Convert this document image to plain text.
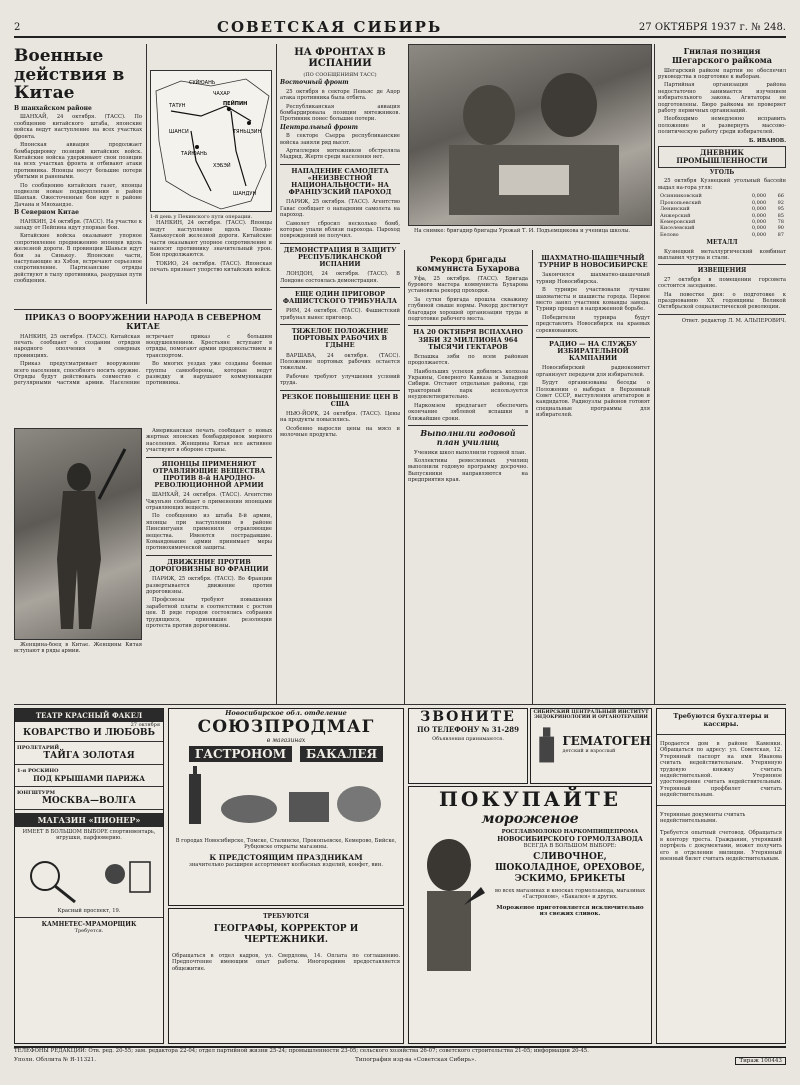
2	СОВЕТСКАЯ СИБИРЬ	27 ОКТЯБРЯ 1937 г. № 248.
Военные действия в Китае
В шанхайском районе

ШАНХАЙ, 24 октября. (ТАСС). По сообщению китайского штаба, японские войска ведут наступление на всех участках фронта.

Японская авиация продолжает бомбардировку позиций китайских войск. Китайские войска удерживают свои позиции на всех участках фронта и отбивают атаки противника. Японцы несут большие потери убитыми и ранеными.

По сообщению китайских газет, японцы подвезли новые подкрепления в район Шанхая. Ожесточенные бои идут в районе Дачана и Мяохандзе.

В Северном Китае

НАНКИН, 24 октября. (ТАСС). На участке к западу от Пейпина идут упорные бои.

Китайские войска оказывают упорное сопротивление продвижению японцев вдоль железной дороги. В провинции Шаньси идут бои за Синькоу. Японские части, наступающие из Хэбэя, встречают серьезное сопротивление. Партизанские отряды действуют в тылу противника, разрушая пути сообщения.

СУЙЮАНЬ
ЧАХАР
ПЕЙПИН
ТАТУН
ТЯНЬЦЗИН
ШАНСИ
ТАЙЮАНЬ
ХЭБЭЙ
ШАНДУН
1-й день у Пекинского пути операции.

НАНКИН, 24 октября. (ТАСС). Японцы ведут наступление вдоль Пекин-Ханькоуской железной дороги. Китайские части оказывают упорное сопротивление и наносят противнику значительный урон. Бои продолжаются.

ТОКИО, 24 октября. (ТАСС). Японская печать признает упорство китайских войск.

ПРИКАЗ О ВООРУЖЕНИИ НАРОДА В СЕВЕРНОМ КИТАЕ

НАНКИН, 25 октября. (ТАСС). Китайская печать сообщает о создании отрядов народного ополчения в северных провинциях.

Приказ предусматривает вооружение всего населения, способного носить оружие. Отряды будут действовать совместно с регулярными частями армии. Население встречает приказ с большим воодушевлением. Крестьяне вступают в отряды, помогают армии продовольствием и транспортом.

Во многих уездах уже созданы боевые группы самообороны, которые ведут разведку и нарушают коммуникации противника.

Женщина-боец в Китае. Женщины Китая вступают в ряды армии.

Американская печать сообщает о новых жертвах японских бомбардировок мирного населения. Женщины Китая все активнее участвуют в обороне страны.

ЯПОНЦЫ ПРИМЕНЯЮТ ОТРАВЛЯЮЩИЕ ВЕЩЕСТВА ПРОТИВ 8-й НАРОДНО-РЕВОЛЮЦИОННОЙ АРМИИ

ШАНХАЙ, 24 октября. (ТАСС). Агентство Чжунъян сообщает о применении японцами отравляющих веществ.

По сообщению из штаба 8-й армии, японцы при наступлении в районе Пинсингуаня применили отравляющие вещества. Имеются пострадавшие. Командование армии принимает меры противохимической защиты.

ДВИЖЕНИЕ ПРОТИВ ДОРОГОВИЗНЫ ВО ФРАНЦИИ

ПАРИЖ, 25 октября. (ТАСС). Во Франции развертывается движение против дороговизны.

Профсоюзы требуют повышения заработной платы в соответствии с ростом цен. В ряде городов состоялись собрания трудящихся, принявшие резолюции протеста против дороговизны.

НА ФРОНТАХ В ИСПАНИИ
(ПО СООБЩЕНИЯМ ТАСС)
Восточный фронт

25 октября в секторе Пеньяс де Ацор атака противника была отбита.

Республиканская авиация бомбардировала позиции мятежников. Противник понес большие потери.

Центральный фронт

В секторе Сьерра республиканские войска заняли ряд высот.

Артиллерия мятежников обстреляла Мадрид. Жертв среди населения нет.

НАПАДЕНИЕ САМОЛЕТА «НЕИЗВЕСТНОЙ НАЦИОНАЛЬНОСТИ» НА ФРАНЦУЗСКИЙ ПАРОХОД

ПАРИЖ, 25 октября. (ТАСС). Агентство Гавас сообщает о нападении самолета на пароход.

Самолет сбросил несколько бомб, которые упали вблизи парохода. Пароход повреждений не получил.

ДЕМОНСТРАЦИЯ В ЗАЩИТУ РЕСПУБЛИКАНСКОЙ ИСПАНИИ

ЛОНДОН, 24 октября. (ТАСС). В Лондоне состоялась демонстрация.

ЕЩЕ ОДИН ПРИГОВОР ФАШИСТСКОГО ТРИБУНАЛА

РИМ, 24 октября. (ТАСС). Фашистский трибунал вынес приговор.

ТЯЖЕЛОЕ ПОЛОЖЕНИЕ ПОРТОВЫХ РАБОЧИХ В ГДЫНЕ

ВАРШАВА, 24 октября. (ТАСС). Положение портовых рабочих остается тяжелым.

Рабочие требуют улучшения условий труда.

РЕЗКОЕ ПОВЫШЕНИЕ ЦЕН В США

НЬЮ-ЙОРК, 24 октября. (ТАСС). Цены на продукты повысились.

Особенно выросли цены на мясо и молочные продукты.

На снимке: бригадир бригады Урожай Т. И. Подъемщикова и ученица школы.

Рекорд бригады коммуниста Бухарова

Уфа, 25 октября. (ТАСС). Бригада бурового мастера коммуниста Бухарова установила рекорд проходки.

За сутки бригада прошла скважину глубиной свыше нормы. Рекорд достигнут благодаря хорошей организации труда и подготовке рабочего места.

НА 20 ОКТЯБРЯ ВСПАХАНО ЗЯБИ 32 МИЛЛИОНА 964 ТЫСЯЧИ ГЕКТАРОВ

Вспашка зяби по всем районам продолжается.

Наибольших успехов добились колхозы Украины, Северного Кавказа и Западной Сибири. Отстают отдельные районы, где тракторный парк используется неудовлетворительно.

Наркомзем предлагает обеспечить окончание зяблевой вспашки в ближайшие сроки.

Выполнили годовой план училищ

Ученики школ выполнили годовой план.

Коллективы ремесленных училищ выполнили годовую программу досрочно. Выпускники направляются на предприятия края.

ШАХМАТНО-ШАШЕЧНЫЙ ТУРНИР В НОВОСИБИРСКЕ

Закончился шахматно-шашечный турнир Новосибирска.

В турнире участвовали лучшие шахматисты и шашисты города. Первое место занял участник команды завода. Турнир прошел в напряженной борьбе.

Победители турнира будут представлять Новосибирск на краевых соревнованиях.

РАДИО — НА СЛУЖБУ ИЗБИРАТЕЛЬНОЙ КАМПАНИИ

Новосибирский радиокомитет организует передачи для избирателей.

Будут организованы беседы о Положении о выборах в Верховный Совет СССР, выступления агитаторов и кандидатов. Радиоузлы районов готовят специальные программы для избирателей.

Гнилая позиция Шегарского райкома

Шегарский райком партии не обеспечил руководства в подготовке к выборам.

Партийная организация района недостаточно занимается изучением избирательного закона. Агитаторы не подготовлены. Бюро райкома не проверяет работу первичных организаций.

Необходимо немедленно исправить положение и развернуть массово-политическую работу среди избирателей.

Б. ИВАНОВ.
ДНЕВНИК ПРОМЫШЛЕННОСТИ
УГОЛЬ

25 октября Кузнецкий угольный бассейн выдал на-гора угля:

Осинниковский	0,000	66
Прокопьевский	0,000	92
Ленинский	0,000	95
Анжерский	0,000	85
Кемеровский	0,000	78
Киселевский	0,000	90
Белово	0,000	87
МЕТАЛЛ

Кузнецкий металлургический комбинат выплавил чугуна и стали.

ИЗВЕЩЕНИЯ

27 октября в помещении горсовета состоится заседание.

На повестке дня: о подготовке к празднованию XX годовщины Великой Октябрьской социалистической революции.

Ответ. редактор Л. М. АЛЬПЕРОВИЧ.
ТЕАТР КРАСНЫЙ ФАКЕЛ
27 октября
КОВАРСТВО И ЛЮБОВЬ
ПРОЛЕТАРИЙ
ТАЙГА ЗОЛОТАЯ
1-я РОСКИНО
ПОД КРЫШАМИ ПАРИЖА
ЮНГШТУРМ
МОСКВА—ВОЛГА
МАГАЗИН «ПИОНЕР»
ИМЕЕТ В БОЛЬШОМ ВЫБОРЕ спортинвентарь, игрушки, парфюмерию.
Красный проспект, 19.
КАМНЕТЕС-МРАМОРЩИК
Требуется.
Новосибирское обл. отделение
СОЮЗПРОДМАГ
в магазинах
ГАСТРОНОМ	БАКАЛЕЯ
В городах Новосибирске, Томске, Сталинске, Прокопьевске, Кемерово, Бийске, Рубцовске открыты магазины.
К ПРЕДСТОЯЩИМ ПРАЗДНИКАМ
значительно расширен ассортимент колбасных изделий, конфет, вин.
ТРЕБУЮТСЯ
ГЕОГРАФЫ, КОРРЕКТОР И ЧЕРТЕЖНИКИ.
Обращаться в отдел кадров, ул. Свердлова, 14. Оплата по соглашению. Предпочтение имеющим опыт работы. Иногородним предоставляется общежитие.
ЗВОНИТЕ
ПО ТЕЛЕФОНУ № 31-289
Объявления принимаются.
СИБИРСКИЙ ЦЕНТРАЛЬНЫЙ ИНСТИТУТ ЭНДОКРИНОЛОГИИ И ОРГАНОТЕРАПИИ
ГЕМАТОГЕН
детский и взрослый
ПОКУПАЙТЕ
мороженое
РОСГЛАВМОЛОКО НАРКОМПИЩЕПРОМА
НОВОСИБИРСКОГО ГОРМОЛЗАВОДА
ВСЕГДА В БОЛЬШОМ ВЫБОРЕ:
СЛИВОЧНОЕ, ШОКОЛАДНОЕ, ОРЕХОВОЕ, ЭСКИМО, БРИКЕТЫ
во всех магазинах и киосках гормолзавода, магазинах «Гастроном», «Бакалея» и других.
Мороженое приготовляется исключительно из свежих сливок.
Требуются бухгалтеры и кассиры.
Продается дом в районе Каменки. Обращаться по адресу: ул. Советская, 12. Утерянный паспорт на имя Иванова считать недействительным. Утерянную трудовую книжку считать недействительной. Утерянное удостоверение считать недействительным. Утерянный профбилет считать недействительным.
Утерянные документы считать недействительными.
Требуется опытный счетовод. Обращаться в контору треста. Гражданин, утерявший портфель с документами, может получить его в отделении милиции. Утерянный военный билет считать недействительным.
ТЕЛЕФОНЫ РЕДАКЦИИ: Отв. ред. 20-55; зам. редактора 22-04; отдел партийной жизни 25-24; промышленности 23-05; сельского хозяйства 26-07; советского строительства 21-05; информации 20-45.
Уполн. Обллита № Я-11321.	Типография изд-ва «Советская Сибирь».	Тираж 100443
